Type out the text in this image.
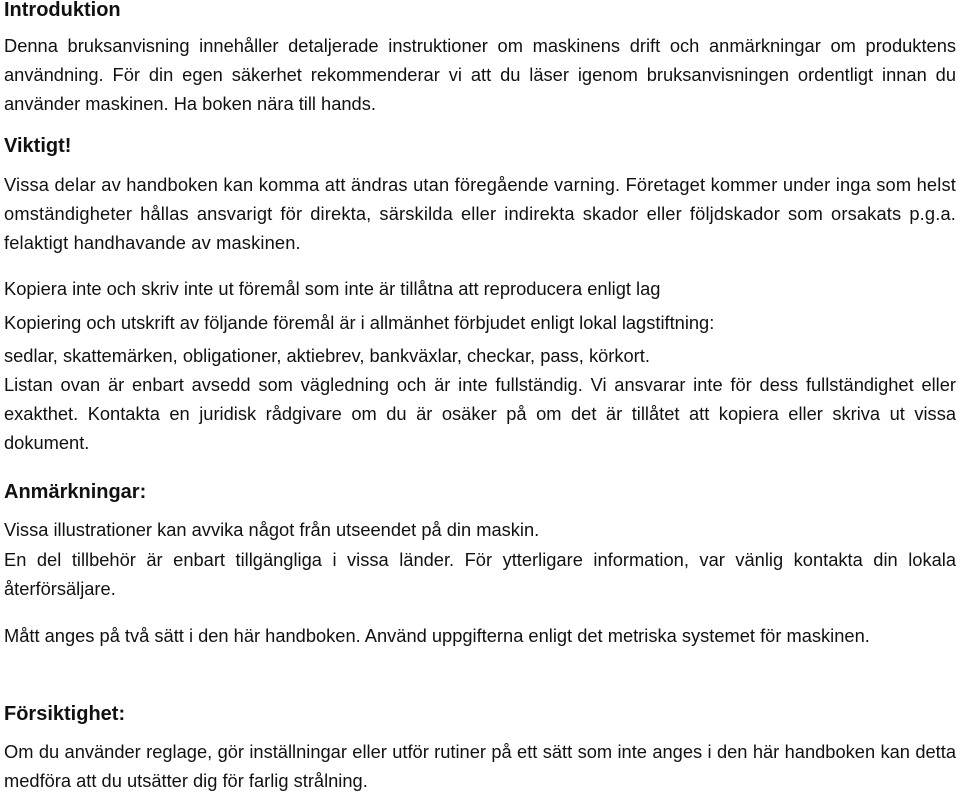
Introduktion

Denna bruksanvisning innehåller detaljerade instruktioner om maskinens drift och anmärkningar om produktens användning. För din egen säkerhet rekommenderar vi att du läser igenom bruksanvisningen ordentligt innan du använder maskinen. Ha boken nära till hands.

Viktigt!

Vissa delar av handboken kan komma att ändras utan föregående varning. Företaget kommer under inga som helst omständigheter hållas ansvarigt för direkta, särskilda eller indirekta skador eller följdskador som orsakats p.g.a. felaktigt handhavande av maskinen.

Kopiera inte och skriv inte ut föremål som inte är tillåtna att reproducera enligt lag

Kopiering och utskrift av följande föremål är i allmänhet förbjudet enligt lokal lagstiftning:

sedlar, skattemärken, obligationer, aktiebrev, bankväxlar, checkar, pass, körkort.

Listan ovan är enbart avsedd som vägledning och är inte fullständig. Vi ansvarar inte för dess fullständighet eller exakthet. Kontakta en juridisk rådgivare om du är osäker på om det är tillåtet att kopiera eller skriva ut vissa dokument.

Anmärkningar:

Vissa illustrationer kan avvika något från utseendet på din maskin.

En del tillbehör är enbart tillgängliga i vissa länder. För ytterligare information, var vänlig kontakta din lokala återförsäljare.

Mått anges på två sätt i den här handboken. Använd uppgifterna enligt det metriska systemet för maskinen.

Försiktighet:

Om du använder reglage, gör inställningar eller utför rutiner på ett sätt som inte anges i den här handboken kan detta medföra att du utsätter dig för farlig strålning.
